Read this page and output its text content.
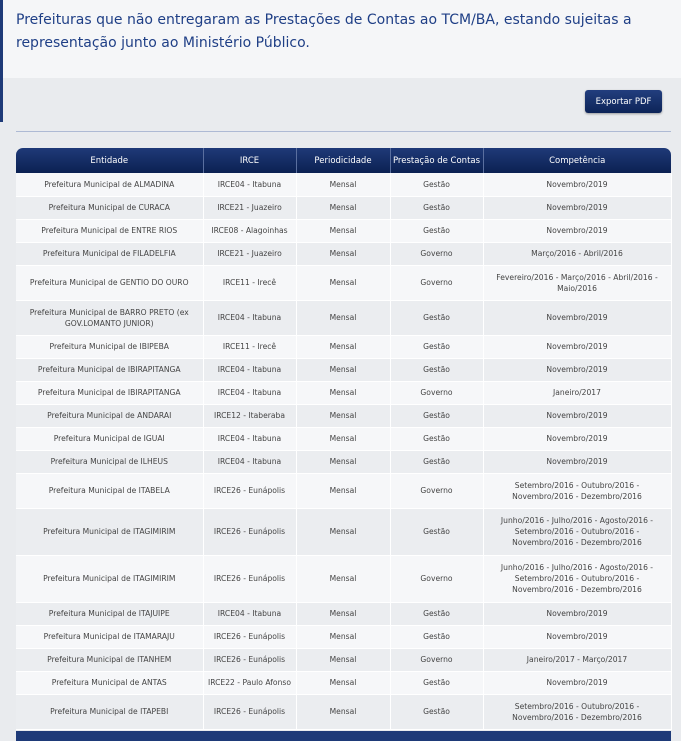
Prefeituras que não entregaram as Prestações de Contas ao TCM/BA, estando sujeitas a representação junto ao Ministério Público.
Exportar PDF
Entidade	IRCE	Periodicidade	Prestação de Contas	Competência
Prefeitura Municipal de ALMADINA	IRCE04 - Itabuna	Mensal	Gestão	Novembro/2019
Prefeitura Municipal de CURACA	IRCE21 - Juazeiro	Mensal	Gestão	Novembro/2019
Prefeitura Municipal de ENTRE RIOS	IRCE08 - Alagoinhas	Mensal	Gestão	Novembro/2019
Prefeitura Municipal de FILADELFIA	IRCE21 - Juazeiro	Mensal	Governo	Março/2016 - Abril/2016
Prefeitura Municipal de GENTIO DO OURO	IRCE11 - Irecê	Mensal	Governo	Fevereiro/2016 - Março/2016 - Abril/2016 - Maio/2016
Prefeitura Municipal de BARRO PRETO (ex GOV.LOMANTO JUNIOR)	IRCE04 - Itabuna	Mensal	Gestão	Novembro/2019
Prefeitura Municipal de IBIPEBA	IRCE11 - Irecê	Mensal	Gestão	Novembro/2019
Prefeitura Municipal de IBIRAPITANGA	IRCE04 - Itabuna	Mensal	Gestão	Novembro/2019
Prefeitura Municipal de IBIRAPITANGA	IRCE04 - Itabuna	Mensal	Governo	Janeiro/2017
Prefeitura Municipal de ANDARAI	IRCE12 - Itaberaba	Mensal	Gestão	Novembro/2019
Prefeitura Municipal de IGUAI	IRCE04 - Itabuna	Mensal	Gestão	Novembro/2019
Prefeitura Municipal de ILHEUS	IRCE04 - Itabuna	Mensal	Gestão	Novembro/2019
Prefeitura Municipal de ITABELA	IRCE26 - Eunápolis	Mensal	Governo	Setembro/2016 - Outubro/2016 - Novembro/2016 - Dezembro/2016
Prefeitura Municipal de ITAGIMIRIM	IRCE26 - Eunápolis	Mensal	Gestão	Junho/2016 - Julho/2016 - Agosto/2016 - Setembro/2016 - Outubro/2016 - Novembro/2016 - Dezembro/2016
Prefeitura Municipal de ITAGIMIRIM	IRCE26 - Eunápolis	Mensal	Governo	Junho/2016 - Julho/2016 - Agosto/2016 - Setembro/2016 - Outubro/2016 - Novembro/2016 - Dezembro/2016
Prefeitura Municipal de ITAJUIPE	IRCE04 - Itabuna	Mensal	Gestão	Novembro/2019
Prefeitura Municipal de ITAMARAJU	IRCE26 - Eunápolis	Mensal	Gestão	Novembro/2019
Prefeitura Municipal de ITANHEM	IRCE26 - Eunápolis	Mensal	Governo	Janeiro/2017 - Março/2017
Prefeitura Municipal de ANTAS	IRCE22 - Paulo Afonso	Mensal	Gestão	Novembro/2019
Prefeitura Municipal de ITAPEBI	IRCE26 - Eunápolis	Mensal	Gestão	Setembro/2016 - Outubro/2016 - Novembro/2016 - Dezembro/2016
